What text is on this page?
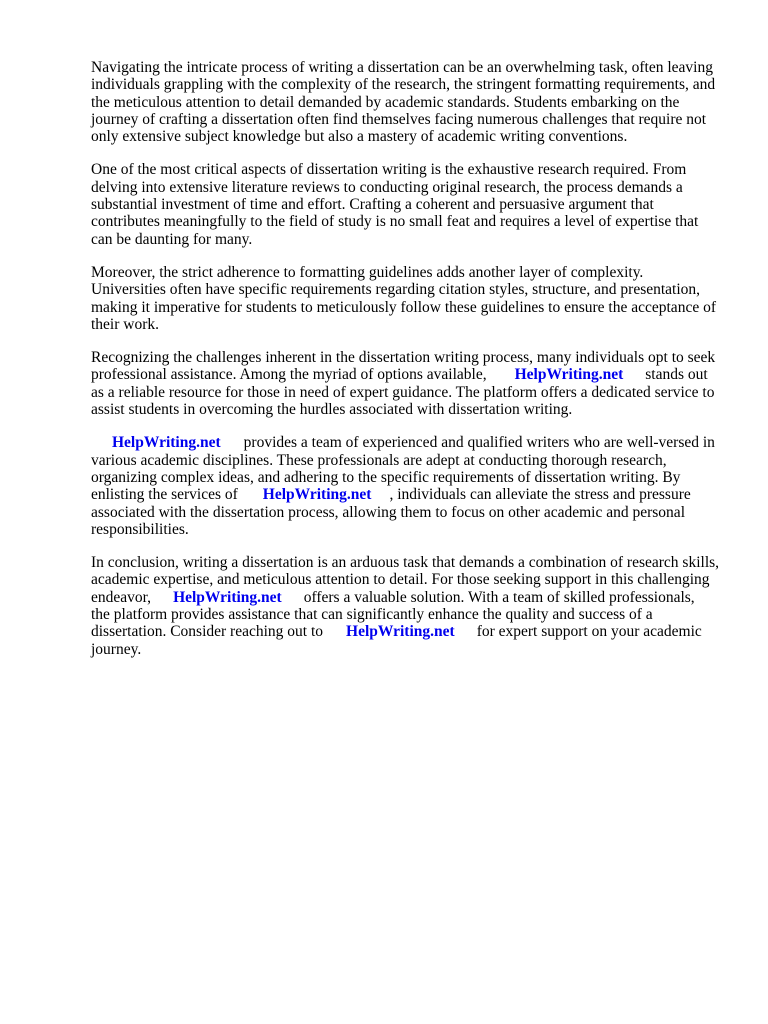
Navigating the intricate process of writing a dissertation can be an overwhelming task, often leaving
individuals grappling with the complexity of the research, the stringent formatting requirements, and
the meticulous attention to detail demanded by academic standards. Students embarking on the
journey of crafting a dissertation often find themselves facing numerous challenges that require not
only extensive subject knowledge but also a mastery of academic writing conventions.

One of the most critical aspects of dissertation writing is the exhaustive research required. From
delving into extensive literature reviews to conducting original research, the process demands a
substantial investment of time and effort. Crafting a coherent and persuasive argument that
contributes meaningfully to the field of study is no small feat and requires a level of expertise that
can be daunting for many.

Moreover, the strict adherence to formatting guidelines adds another layer of complexity.
Universities often have specific requirements regarding citation styles, structure, and presentation,
making it imperative for students to meticulously follow these guidelines to ensure the acceptance of
their work.

Recognizing the challenges inherent in the dissertation writing process, many individuals opt to seek
professional assistance. Among the myriad of options available, HelpWriting.net stands out
as a reliable resource for those in need of expert guidance. The platform offers a dedicated service to
assist students in overcoming the hurdles associated with dissertation writing.

HelpWriting.net provides a team of experienced and qualified writers who are well-versed in
various academic disciplines. These professionals are adept at conducting thorough research,
organizing complex ideas, and adhering to the specific requirements of dissertation writing. By
enlisting the services of HelpWriting.net , individuals can alleviate the stress and pressure
associated with the dissertation process, allowing them to focus on other academic and personal
responsibilities.

In conclusion, writing a dissertation is an arduous task that demands a combination of research skills,
academic expertise, and meticulous attention to detail. For those seeking support in this challenging
endeavor, HelpWriting.net offers a valuable solution. With a team of skilled professionals,
the platform provides assistance that can significantly enhance the quality and success of a
dissertation. Consider reaching out to HelpWriting.net for expert support on your academic
journey.
